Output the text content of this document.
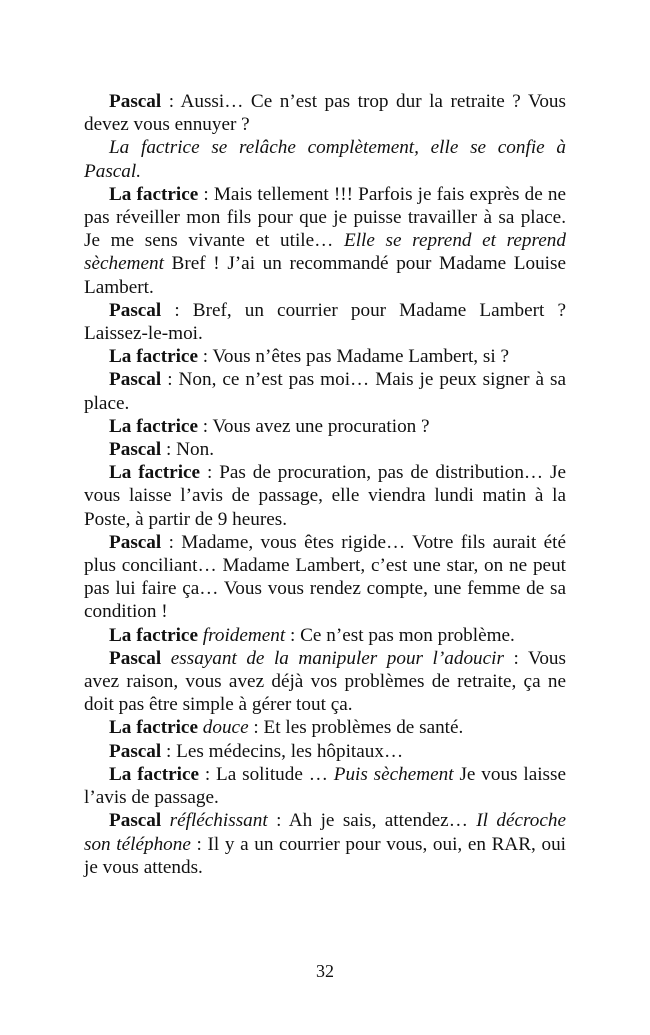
Pascal : Aussi… Ce n’est pas trop dur la retraite ? Vous devez vous ennuyer ?

La factrice se relâche complètement, elle se confie à Pascal.

La factrice : Mais tellement !!! Parfois je fais exprès de ne pas réveiller mon fils pour que je puisse travailler à sa place. Je me sens vivante et utile… Elle se reprend et reprend sèchement Bref ! J’ai un recommandé pour Madame Louise Lambert.

Pascal : Bref, un courrier pour Madame Lambert ? Laissez-le-moi.

La factrice : Vous n’êtes pas Madame Lambert, si ?

Pascal : Non, ce n’est pas moi… Mais je peux signer à sa place.

La factrice : Vous avez une procuration ?

Pascal : Non.

La factrice : Pas de procuration, pas de distribution… Je vous laisse l’avis de passage, elle viendra lundi matin à la Poste, à partir de 9 heures.

Pascal : Madame, vous êtes rigide… Votre fils aurait été plus conciliant… Madame Lambert, c’est une star, on ne peut pas lui faire ça… Vous vous rendez compte, une femme de sa condition !

La factrice froidement : Ce n’est pas mon problème.

Pascal essayant de la manipuler pour l’adoucir : Vous avez raison, vous avez déjà vos problèmes de retraite, ça ne doit pas être simple à gérer tout ça.

La factrice douce : Et les problèmes de santé.

Pascal : Les médecins, les hôpitaux…

La factrice : La solitude … Puis sèchement Je vous laisse l’avis de passage.

Pascal réfléchissant : Ah je sais, attendez… Il décroche son téléphone : Il y a un courrier pour vous, oui, en RAR, oui je vous attends.

32
